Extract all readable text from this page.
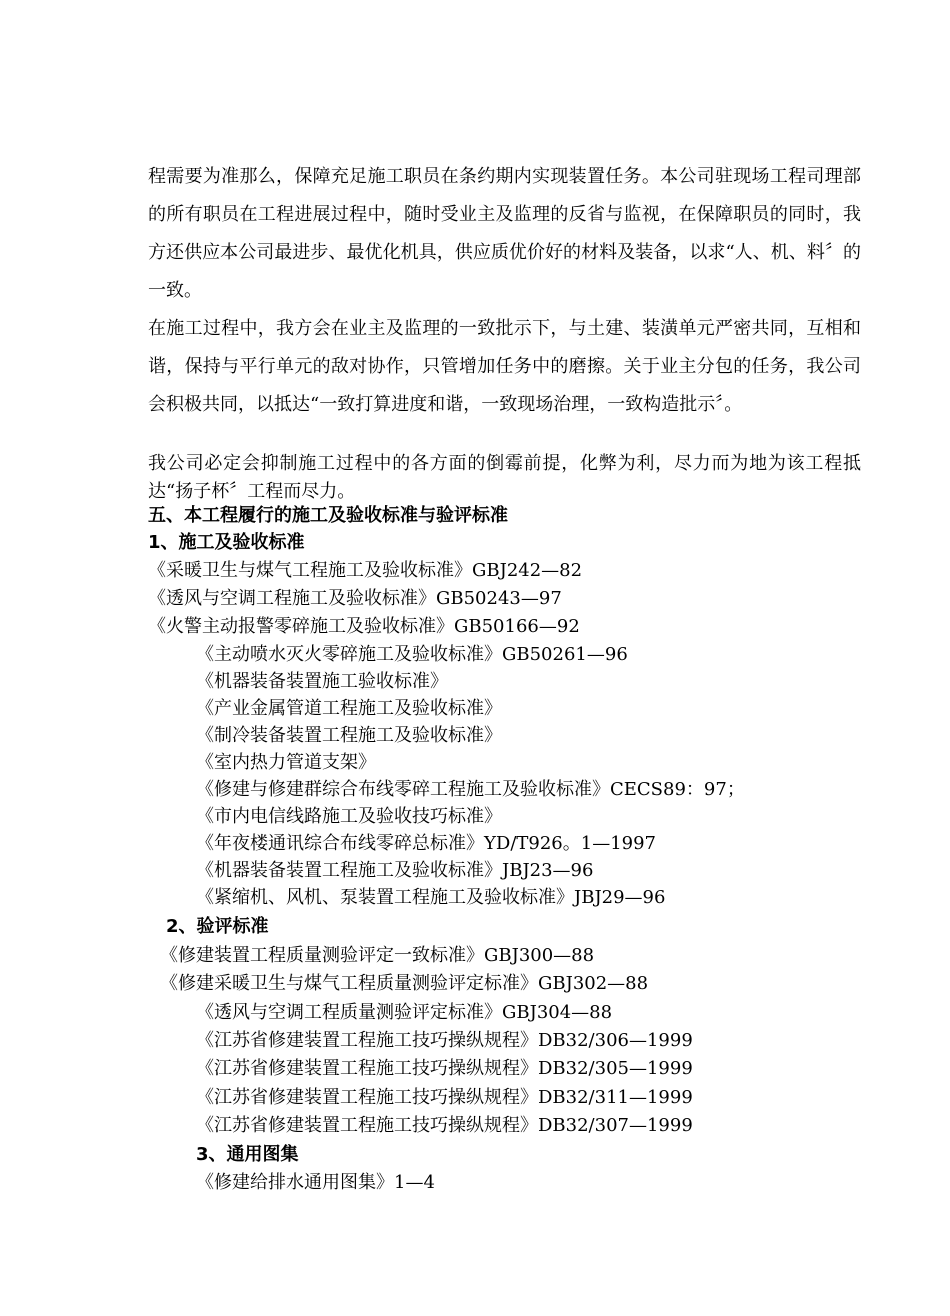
程需要为准那么，保障充足施工职员在条约期内实现装置任务。本公司驻现场工程司理部的所有职员在工程进展过程中，随时受业主及监理的反省与监视，在保障职员的同时，我方还供应本公司最进步、最优化机具，供应质优价好的材料及装备，以求“人、机、料〞的一致。
在施工过程中，我方会在业主及监理的一致批示下，与土建、装潢单元严密共同，互相和谐，保持与平行单元的敌对协作，只管增加任务中的磨擦。关于业主分包的任务，我公司会积极共同，以抵达“一致打算进度和谐，一致现场治理，一致构造批示〞。
我公司必定会抑制施工过程中的各方面的倒霉前提，化弊为利，尽力而为地为该工程抵达“扬子杯〞工程而尽力。
五、本工程履行的施工及验收标准与验评标准
1、施工及验收标准
《采暖卫生与煤气工程施工及验收标准》GBJ242—82
《透风与空调工程施工及验收标准》GB50243—97
《火警主动报警零碎施工及验收标准》GB50166—92
《主动喷水灭火零碎施工及验收标准》GB50261—96
《机器装备装置施工验收标准》
《产业金属管道工程施工及验收标准》
《制冷装备装置工程施工及验收标准》
《室内热力管道支架》
《修建与修建群综合布线零碎工程施工及验收标准》CECS89：97；
《市内电信线路施工及验收技巧标准》
《年夜楼通讯综合布线零碎总标准》YD/T926。1—1997
《机器装备装置工程施工及验收标准》JBJ23—96
《紧缩机、风机、泵装置工程施工及验收标准》JBJ29—96
2、验评标准
《修建装置工程质量测验评定一致标准》GBJ300—88
《修建采暖卫生与煤气工程质量测验评定标准》GBJ302—88
《透风与空调工程质量测验评定标准》GBJ304—88
《江苏省修建装置工程施工技巧操纵规程》DB32/306—1999
《江苏省修建装置工程施工技巧操纵规程》DB32/305—1999
《江苏省修建装置工程施工技巧操纵规程》DB32/311—1999
《江苏省修建装置工程施工技巧操纵规程》DB32/307—1999
3、通用图集
《修建给排水通用图集》1—4
